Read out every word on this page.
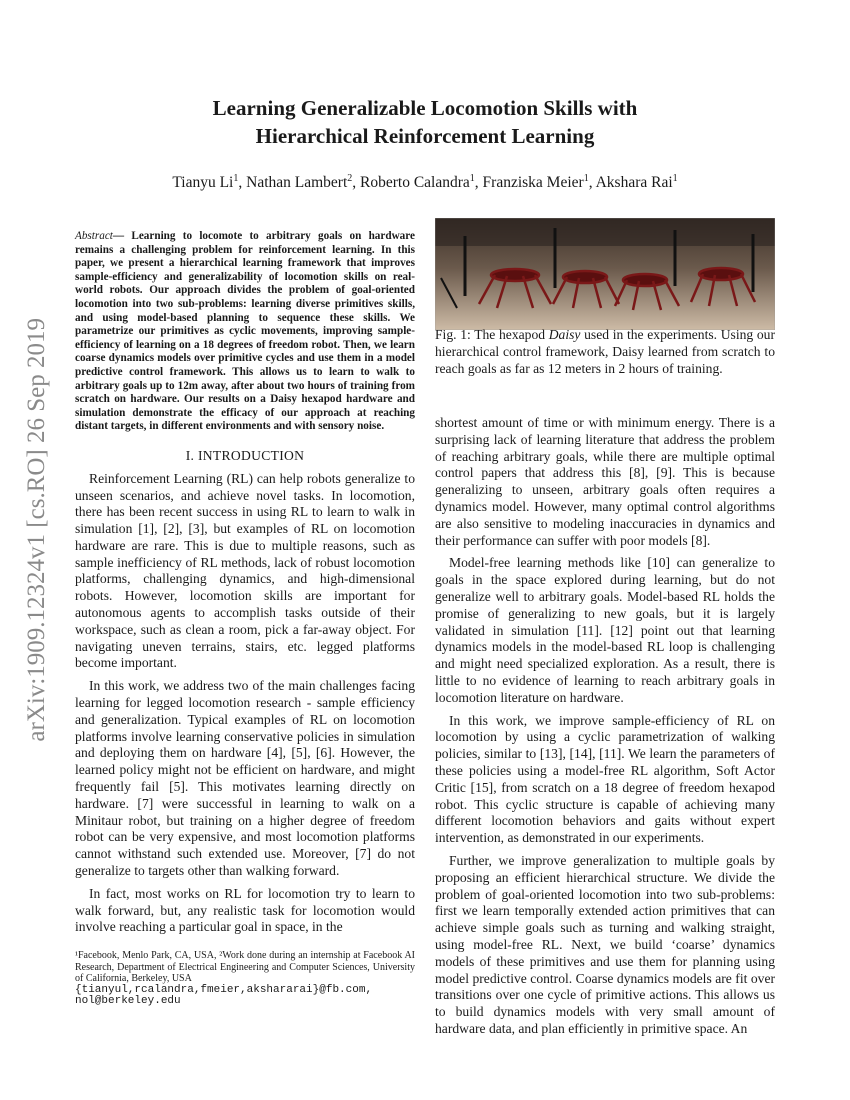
arXiv:1909.12324v1 [cs.RO] 26 Sep 2019
Learning Generalizable Locomotion Skills with
Hierarchical Reinforcement Learning
Tianyu Li$^1$, Nathan Lambert$^2$, Roberto Calandra$^1$, Franziska Meier$^1$, Akshara Rai$^1$

Abstract— Learning to locomote to arbitrary goals on hardware remains a challenging problem for reinforcement learning. In this paper, we present a hierarchical learning framework that improves sample-efficiency and generalizability of locomotion skills on real-world robots. Our approach divides the problem of goal-oriented locomotion into two sub-problems: learning diverse primitives skills, and using model-based planning to sequence these skills. We parametrize our primitives as cyclic movements, improving sample-efficiency of learning on a 18 degrees of freedom robot. Then, we learn coarse dynamics models over primitive cycles and use them in a model predictive control framework. This allows us to learn to walk to arbitrary goals up to 12m away, after about two hours of training from scratch on hardware. Our results on a Daisy hexapod hardware and simulation demonstrate the efficacy of our approach at reaching distant targets, in different environments and with sensory noise.

I. INTRODUCTION

Reinforcement Learning (RL) can help robots generalize to unseen scenarios, and achieve novel tasks. In locomotion, there has been recent success in using RL to learn to walk in simulation [1], [2], [3], but examples of RL on locomotion hardware are rare. This is due to multiple reasons, such as sample inefficiency of RL methods, lack of robust locomotion platforms, challenging dynamics, and high-dimensional robots. However, locomotion skills are important for autonomous agents to accomplish tasks outside of their workspace, such as clean a room, pick a far-away object. For navigating uneven terrains, stairs, etc. legged platforms become important.

In this work, we address two of the main challenges facing learning for legged locomotion research - sample efficiency and generalization. Typical examples of RL on locomotion platforms involve learning conservative policies in simulation and deploying them on hardware [4], [5], [6]. However, the learned policy might not be efficient on hardware, and might frequently fail [5]. This motivates learning directly on hardware. [7] were successful in learning to walk on a Minitaur robot, but training on a higher degree of freedom robot can be very expensive, and most locomotion platforms cannot withstand such extended use. Moreover, [7] do not generalize to targets other than walking forward.

In fact, most works on RL for locomotion try to learn to walk forward, but, any realistic task for locomotion would involve reaching a particular goal in space, in the

¹Facebook, Menlo Park, CA, USA, ²Work done during an internship at Facebook AI Research, Department of Electrical Engineering and Computer Sciences, University of California, Berkeley, USA
{tianyul,rcalandra,fmeier,akshararai}@fb.com, nol@berkeley.edu
Fig. 1: The hexapod Daisy used in the experiments. Using our hierarchical control framework, Daisy learned from scratch to reach goals as far as 12 meters in 2 hours of training.

shortest amount of time or with minimum energy. There is a surprising lack of learning literature that address the problem of reaching arbitrary goals, while there are multiple optimal control papers that address this [8], [9]. This is because generalizing to unseen, arbitrary goals often requires a dynamics model. However, many optimal control algorithms are also sensitive to modeling inaccuracies in dynamics and their performance can suffer with poor models [8].

Model-free learning methods like [10] can generalize to goals in the space explored during learning, but do not generalize well to arbitrary goals. Model-based RL holds the promise of generalizing to new goals, but it is largely validated in simulation [11]. [12] point out that learning dynamics models in the model-based RL loop is challenging and might need specialized exploration. As a result, there is little to no evidence of learning to reach arbitrary goals in locomotion literature on hardware.

In this work, we improve sample-efficiency of RL on locomotion by using a cyclic parametrization of walking policies, similar to [13], [14], [11]. We learn the parameters of these policies using a model-free RL algorithm, Soft Actor Critic [15], from scratch on a 18 degree of freedom hexapod robot. This cyclic structure is capable of achieving many different locomotion behaviors and gaits without expert intervention, as demonstrated in our experiments.

Further, we improve generalization to multiple goals by proposing an efficient hierarchical structure. We divide the problem of goal-oriented locomotion into two sub-problems: first we learn temporally extended action primitives that can achieve simple goals such as turning and walking straight, using model-free RL. Next, we build ‘coarse’ dynamics models of these primitives and use them for planning using model predictive control. Coarse dynamics models are fit over transitions over one cycle of primitive actions. This allows us to build dynamics models with very small amount of hardware data, and plan efficiently in primitive space. An
